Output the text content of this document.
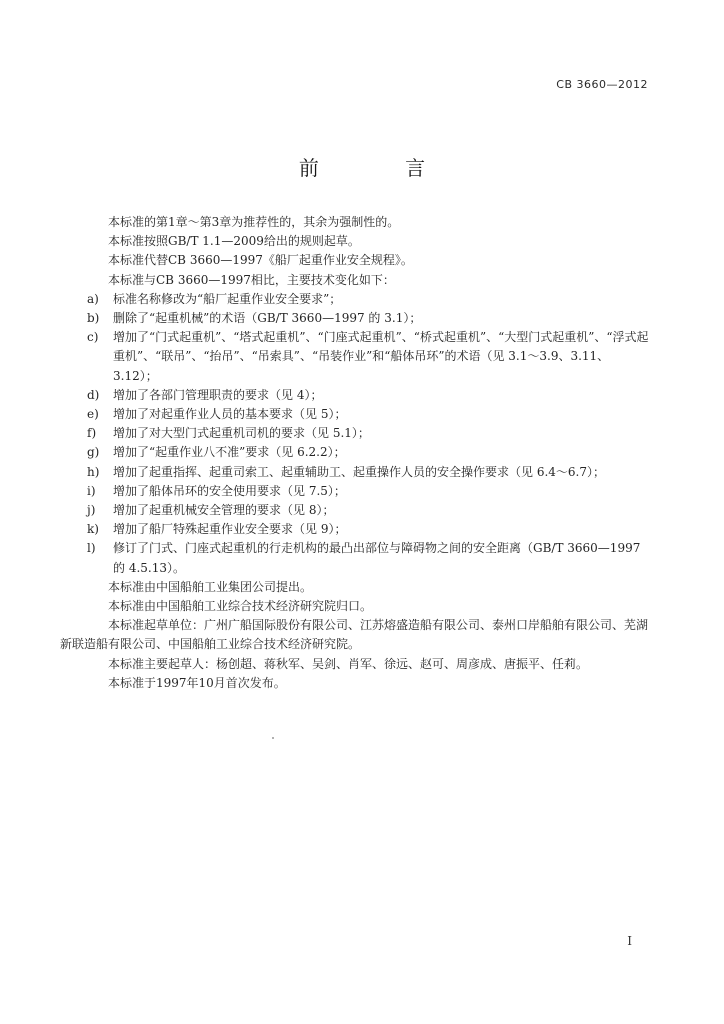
CB 3660—2012
前 言

本标准的第1章～第3章为推荐性的，其余为强制性的。

本标准按照GB/T 1.1—2009给出的规则起草。

本标准代替CB 3660—1997《船厂起重作业安全规程》。

本标准与CB 3660—1997相比，主要技术变化如下：

a)	标准名称修改为“船厂起重作业安全要求”；
b)	删除了“起重机械”的术语（GB/T 3660—1997 的 3.1）；
c)	增加了“门式起重机”、“塔式起重机”、“门座式起重机”、“桥式起重机”、“大型门式起重机”、“浮式起重机”、“联吊”、“抬吊”、“吊索具”、“吊装作业”和“船体吊环”的术语（见 3.1～3.9、3.11、3.12）；
d)	增加了各部门管理职责的要求（见 4）；
e)	增加了对起重作业人员的基本要求（见 5）；
f)	增加了对大型门式起重机司机的要求（见 5.1）；
g)	增加了“起重作业八不准”要求（见 6.2.2）；
h)	增加了起重指挥、起重司索工、起重辅助工、起重操作人员的安全操作要求（见 6.4～6.7）；
i)	增加了船体吊环的安全使用要求（见 7.5）；
j)	增加了起重机械安全管理的要求（见 8）；
k)	增加了船厂特殊起重作业安全要求（见 9）；
l)	修订了门式、门座式起重机的行走机构的最凸出部位与障碍物之间的安全距离（GB/T 3660—1997 的 4.5.13）。

本标准由中国船舶工业集团公司提出。

本标准由中国船舶工业综合技术经济研究院归口。

本标准起草单位：广州广船国际股份有限公司、江苏熔盛造船有限公司、泰州口岸船舶有限公司、芜湖新联造船有限公司、中国船舶工业综合技术经济研究院。

本标准主要起草人：杨创超、蒋秋军、吴剑、肖军、徐远、赵可、周彦成、唐振平、任莉。

本标准于1997年10月首次发布。

I
